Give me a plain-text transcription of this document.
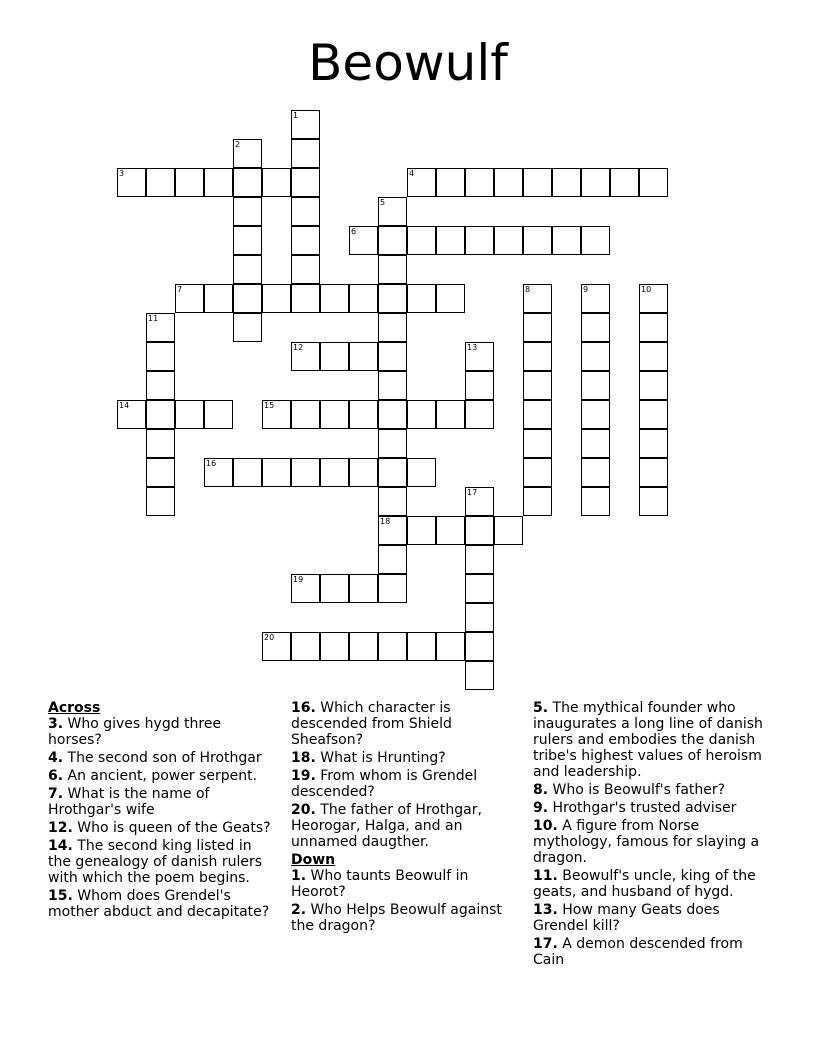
Beowulf
1
2
3	4
5
18
6
7	8	9	10
11
12	13
14	15
16
17
19
20
Across
3. Who gives hygd three horses?
4. The second son of Hrothgar
6. An ancient, power serpent.
7. What is the name of Hrothgar's wife
12. Who is queen of the Geats?
14. The second king listed in the genealogy of danish rulers with which the poem begins.
15. Whom does Grendel's mother abduct and decapitate?
16. Which character is descended from Shield Sheafson?
18. What is Hrunting?
19. From whom is Grendel descended?
20. The father of Hrothgar, Heorogar, Halga, and an unnamed daugther.
Down
1. Who taunts Beowulf in Heorot?
2. Who Helps Beowulf against the dragon?
5. The mythical founder who inaugurates a long line of danish rulers and embodies the danish tribe's highest values of heroism and leadership.
8. Who is Beowulf's father?
9. Hrothgar's trusted adviser
10. A figure from Norse mythology, famous for slaying a dragon.
11. Beowulf's uncle, king of the geats, and husband of hygd.
13. How many Geats does Grendel kill?
17. A demon descended from Cain
